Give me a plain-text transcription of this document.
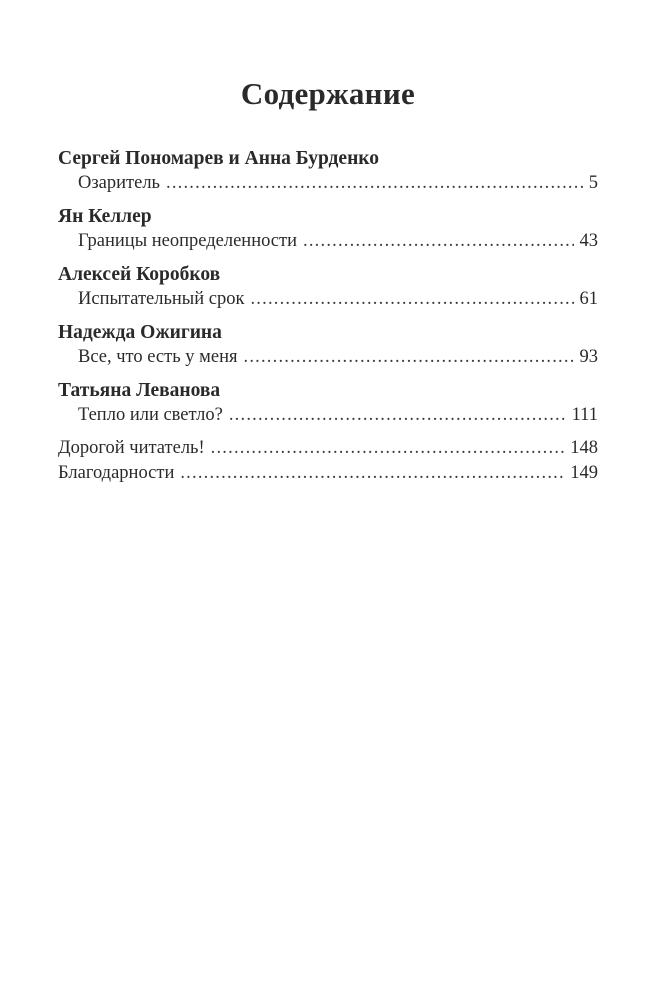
Содержание
Сергей Пономарев и Анна Бурденко
Озаритель .....	5
Ян Келлер
Границы неопределенности .....	43
Алексей Коробков
Испытательный срок .....	61
Надежда Ожигина
Все, что есть у меня .....	93
Татьяна Леванова
Тепло или светло? .....	111
Дорогой читатель! .....	148
Благодарности .....	149
